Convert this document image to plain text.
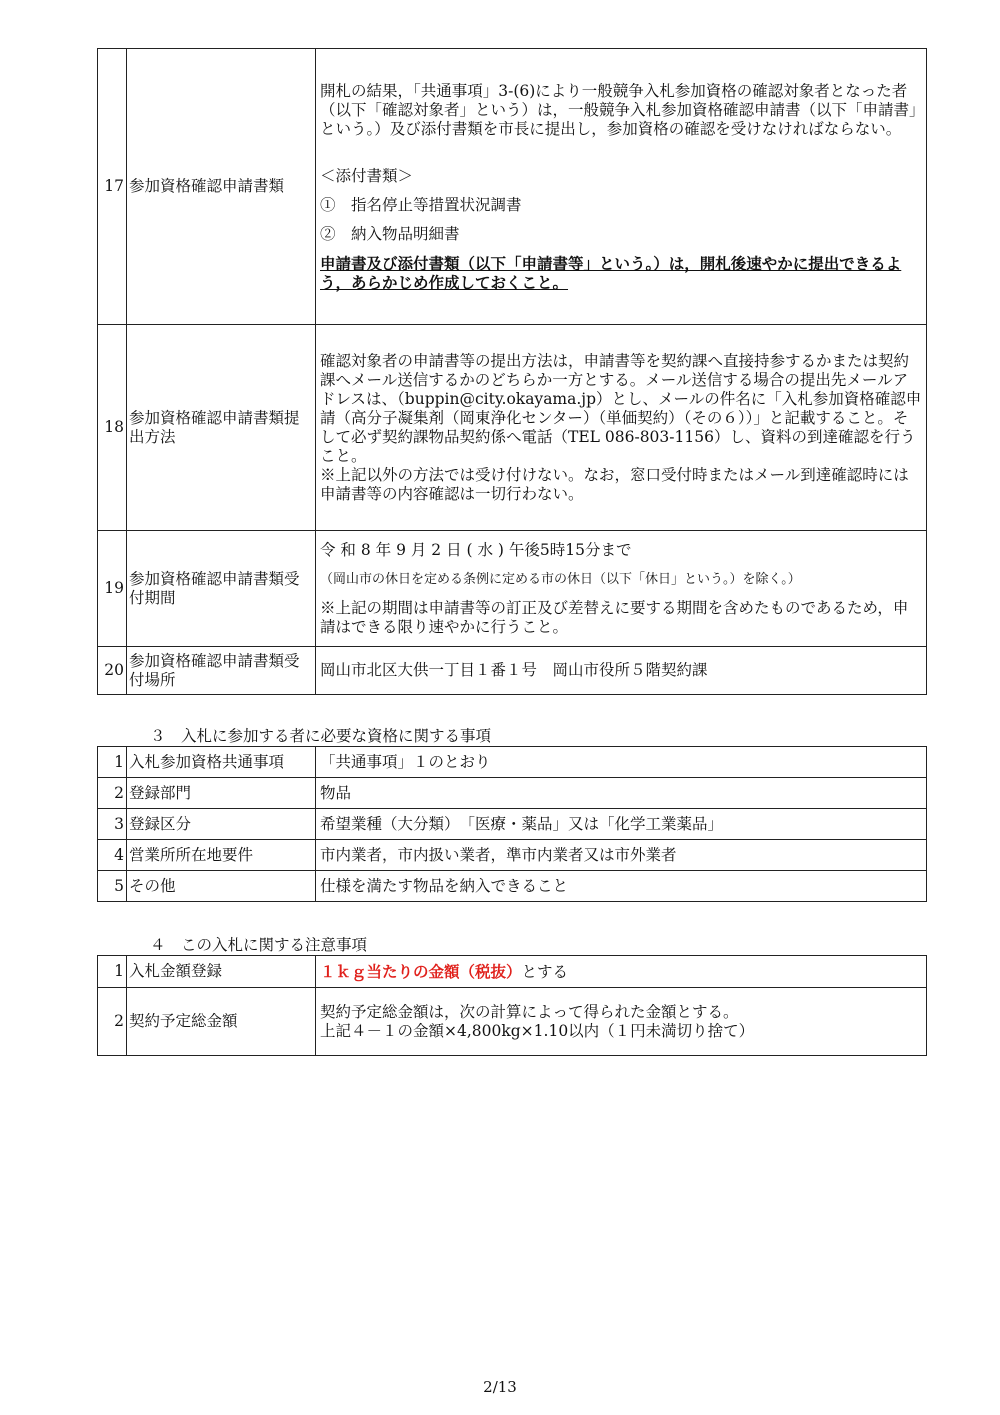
17	参加資格確認申請書類	開札の結果，「共通事項」3-(6)により一般競争入札参加資格の確認対象者となった者（以下「確認対象者」という）は，一般競争入札参加資格確認申請書（以下「申請書」という。）及び添付書類を市長に提出し，参加資格の確認を受けなければならない。

＜添付書類＞

①　指名停止等措置状況調書

②　納入物品明細書

申請書及び添付書類（以下「申請書等」という。）は，開札後速やかに提出できるよう，あらかじめ作成しておくこと。

18	参加資格確認申請書類提出方法	確認対象者の申請書等の提出方法は，申請書等を契約課へ直接持参するかまたは契約課へメール送信するかのどちらか一方とする。メール送信する場合の提出先メールアドレスは、（buppin@city.okayama.jp）とし、メールの件名に「入札参加資格確認申請（高分子凝集剤（岡東浄化センター）（単価契約）（その６））」と記載すること。そして必ず契約課物品契約係へ電話（TEL 086-803-1156）し、資料の到達確認を行うこと。

※上記以外の方法では受け付けない。なお，窓口受付時またはメール到達確認時には申請書等の内容確認は一切行わない。

19	参加資格確認申請書類受付期間	令 和 8 年 9 月 2 日 ( 水 ) 午後5時15分まで

（岡山市の休日を定める条例に定める市の休日（以下「休日」という。）を除く。）

※上記の期間は申請書等の訂正及び差替えに要する期間を含めたものであるため，申請はできる限り速やかに行うこと。

20	参加資格確認申請書類受付場所	岡山市北区大供一丁目１番１号　岡山市役所５階契約課
３　入札に参加する者に必要な資格に関する事項
1	入札参加資格共通事項	「共通事項」１のとおり
2	登録部門	物品
3	登録区分	希望業種（大分類）　「医療・薬品」又は「化学工業薬品」
4	営業所所在地要件	市内業者，市内扱い業者，準市内業者又は市外業者
5	その他	仕様を満たす物品を納入できること
４　この入札に関する注意事項
1	入札金額登録	１ｋｇ当たりの金額（税抜）とする
2	契約予定総金額	契約予定総金額は，次の計算によって得られた金額とする。

上記４－１の金額×4,800kg×1.10以内（１円未満切り捨て）

2/13
